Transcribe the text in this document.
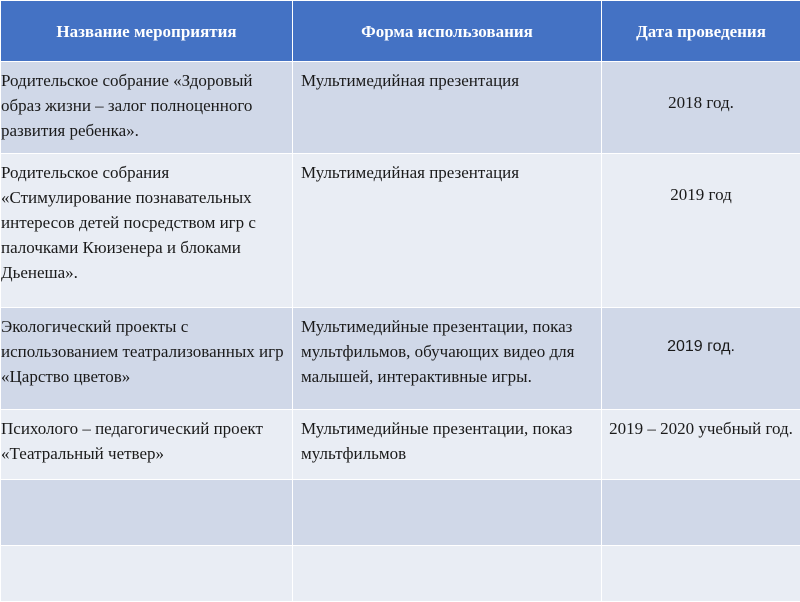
Название мероприятия	Форма использования	Дата проведения

Родительское собрание «Здоровый образ жизни – залог полноценного развития ребенка».	Мультимедийная презентация	2018 год.

Родительское собрания «Стимулирование познавательных интересов детей посредством игр с палочками Кюизенера и блоками Дьенеша».	Мультимедийная презентация	2019 год

Экологический проекты с использованием театрализованных игр «Царство цветов»	Мультимедийные презентации, показ мультфильмов, обучающих видео для малышей, интерактивные игры.	2019 год.

Психолого – педагогический проект «Театральный четвер»	Мультимедийные презентации, показ мультфильмов	2019 – 2020 учебный год.
